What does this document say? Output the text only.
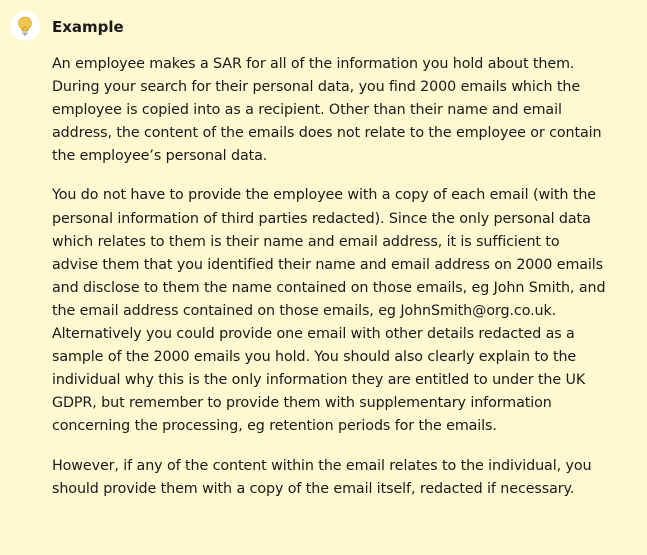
Example

An employee makes a SAR for all of the information you hold about them. During your search for their personal data, you find 2000 emails which the employee is copied into as a recipient. Other than their name and email address, the content of the emails does not relate to the employee or contain the employee’s personal data.

You do not have to provide the employee with a copy of each email (with the personal information of third parties redacted). Since the only personal data which relates to them is their name and email address, it is sufficient to advise them that you identified their name and email address on 2000 emails and disclose to them the name contained on those emails, eg John Smith, and the email address contained on those emails, eg JohnSmith@org.co.uk. Alternatively you could provide one email with other details redacted as a sample of the 2000 emails you hold. You should also clearly explain to the individual why this is the only information they are entitled to under the UK GDPR, but remember to provide them with supplementary information concerning the processing, eg retention periods for the emails.

However, if any of the content within the email relates to the individual, you should provide them with a copy of the email itself, redacted if necessary.
